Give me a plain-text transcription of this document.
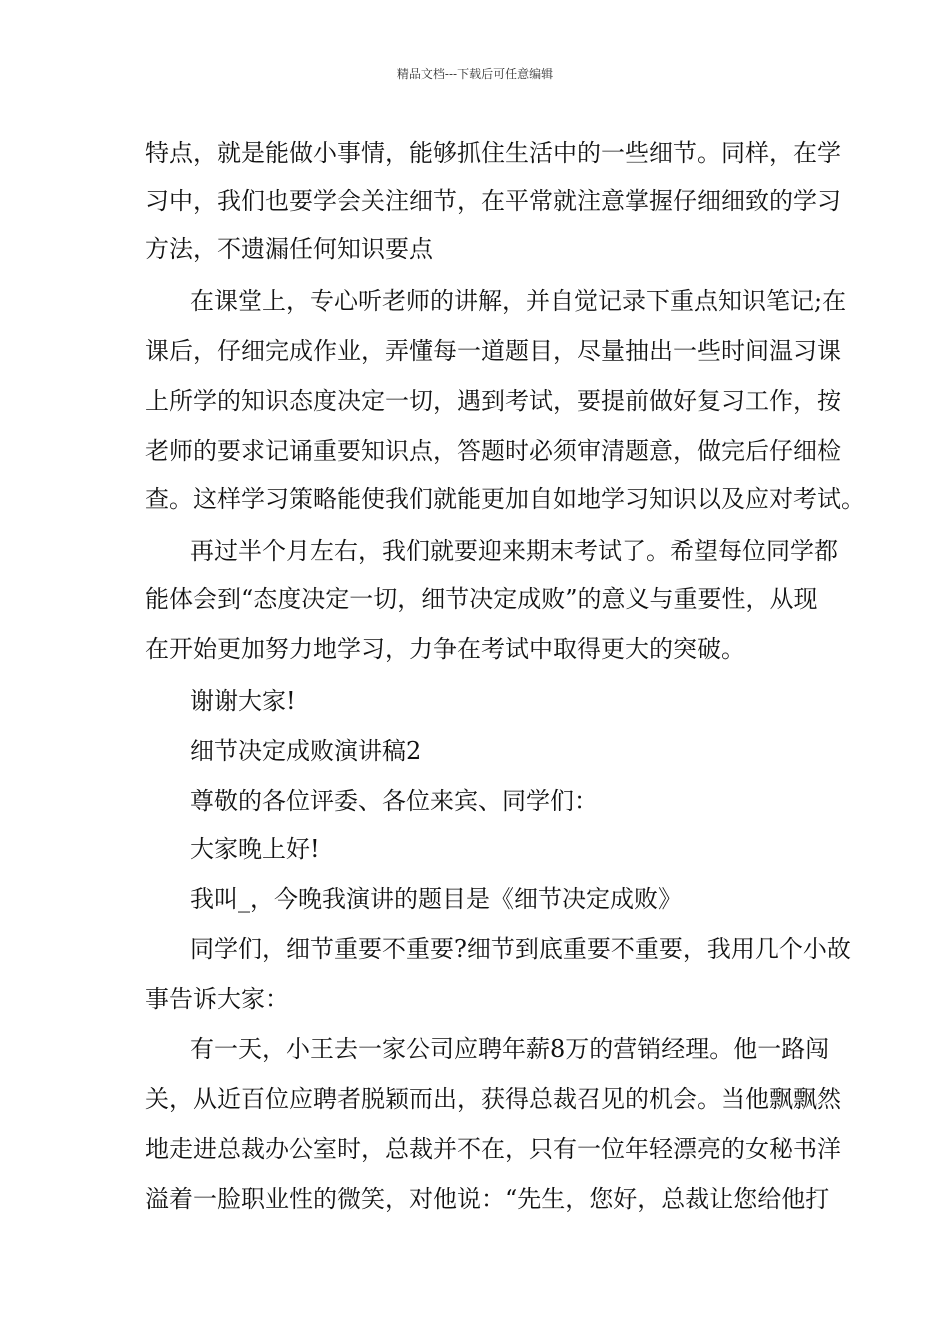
精品文档---下载后可任意编辑
特点，就是能做小事情，能够抓住生活中的一些细节。同样，在学
习中，我们也要学会关注细节，在平常就注意掌握仔细细致的学习
方法，不遗漏任何知识要点
在课堂上，专心听老师的讲解，并自觉记录下重点知识笔记;在
课后，仔细完成作业，弄懂每一道题目，尽量抽出一些时间温习课
上所学的知识态度决定一切，遇到考试，要提前做好复习工作，按
老师的要求记诵重要知识点，答题时必须审清题意，做完后仔细检
查。这样学习策略能使我们就能更加自如地学习知识以及应对考试。
再过半个月左右，我们就要迎来期末考试了。希望每位同学都
能体会到“态度决定一切，细节决定成败”的意义与重要性，从现
在开始更加努力地学习，力争在考试中取得更大的突破。
谢谢大家!
细节决定成败演讲稿2
尊敬的各位评委、各位来宾、同学们：
大家晚上好!
我叫_，今晚我演讲的题目是《细节决定成败》
同学们，细节重要不重要?细节到底重要不重要，我用几个小故
事告诉大家：
有一天，小王去一家公司应聘年薪8万的营销经理。他一路闯
关，从近百位应聘者脱颖而出，获得总裁召见的机会。当他飘飘然
地走进总裁办公室时，总裁并不在，只有一位年轻漂亮的女秘书洋
溢着一脸职业性的微笑，对他说：“先生，您好，总裁让您给他打
